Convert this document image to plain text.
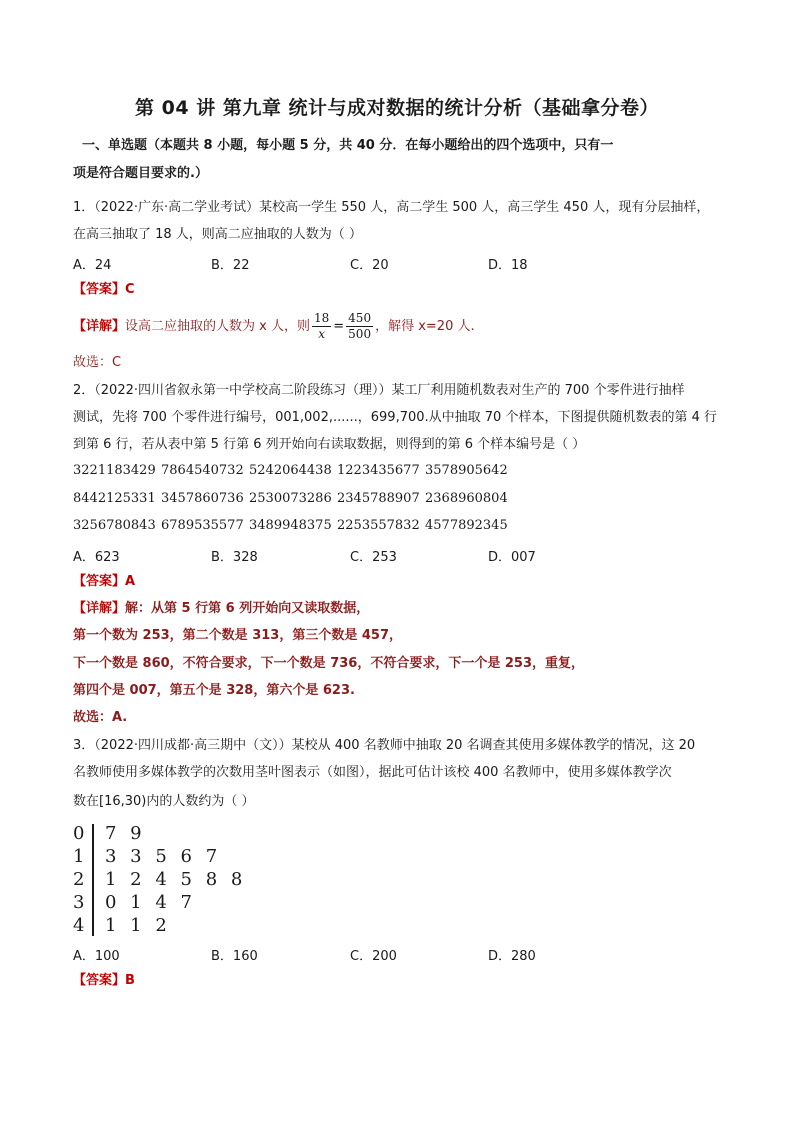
第 04 讲 第九章 统计与成对数据的统计分析（基础拿分卷）
一、单选题（本题共 8 小题，每小题 5 分，共 40 分．在每小题给出的四个选项中，只有一
项是符合题目要求的.）
1．（2022·广东·高二学业考试）某校高一学生 550 人，高二学生 500 人，高三学生 450 人，现有分层抽样，
在高三抽取了 18 人，则高二应抽取的人数为（ ）
A．24	B．22	C．20	D．18
【答案】C
【详解】设高二应抽取的人数为 x 人，则 $\frac{18}{x} = \frac{450}{500}$ ，解得 x=20 人.
故选：C
2．（2022·四川省叙永第一中学校高二阶段练习（理））某工厂利用随机数表对生产的 700 个零件进行抽样
测试，先将 700 个零件进行编号，001,002,......，699,700.从中抽取 70 个样本，下图提供随机数表的第 4 行
到第 6 行，若从表中第 5 行第 6 列开始向右读取数据，则得到的第 6 个样本编号是（ ）
3221183429 7864540732 5242064438 1223435677 3578905642
8442125331 3457860736 2530073286 2345788907 2368960804
3256780843 6789535577 3489948375 2253557832 4577892345
A．623	B．328	C．253	D．007
【答案】A
【详解】解：从第 5 行第 6 列开始向又读取数据，
第一个数为 253，第二个数是 313，第三个数是 457，
下一个数是 860，不符合要求，下一个数是 736，不符合要求，下一个是 253，重复，
第四个是 007，第五个是 328，第六个是 623.
故选：A.
3．（2022·四川成都·高三期中（文））某校从 400 名教师中抽取 20 名调查其使用多媒体教学的情况，这 20
名教师使用多媒体教学的次数用茎叶图表示（如图），据此可估计该校 400 名教师中，使用多媒体教学次
数在[16,30)内的人数约为（ ）
0 7 9
1 3 3 5 6 7
2 1 2 4 5 8 8
3 0 1 4 7
4 1 1 2
A．100	B．160	C．200	D．280
【答案】B
